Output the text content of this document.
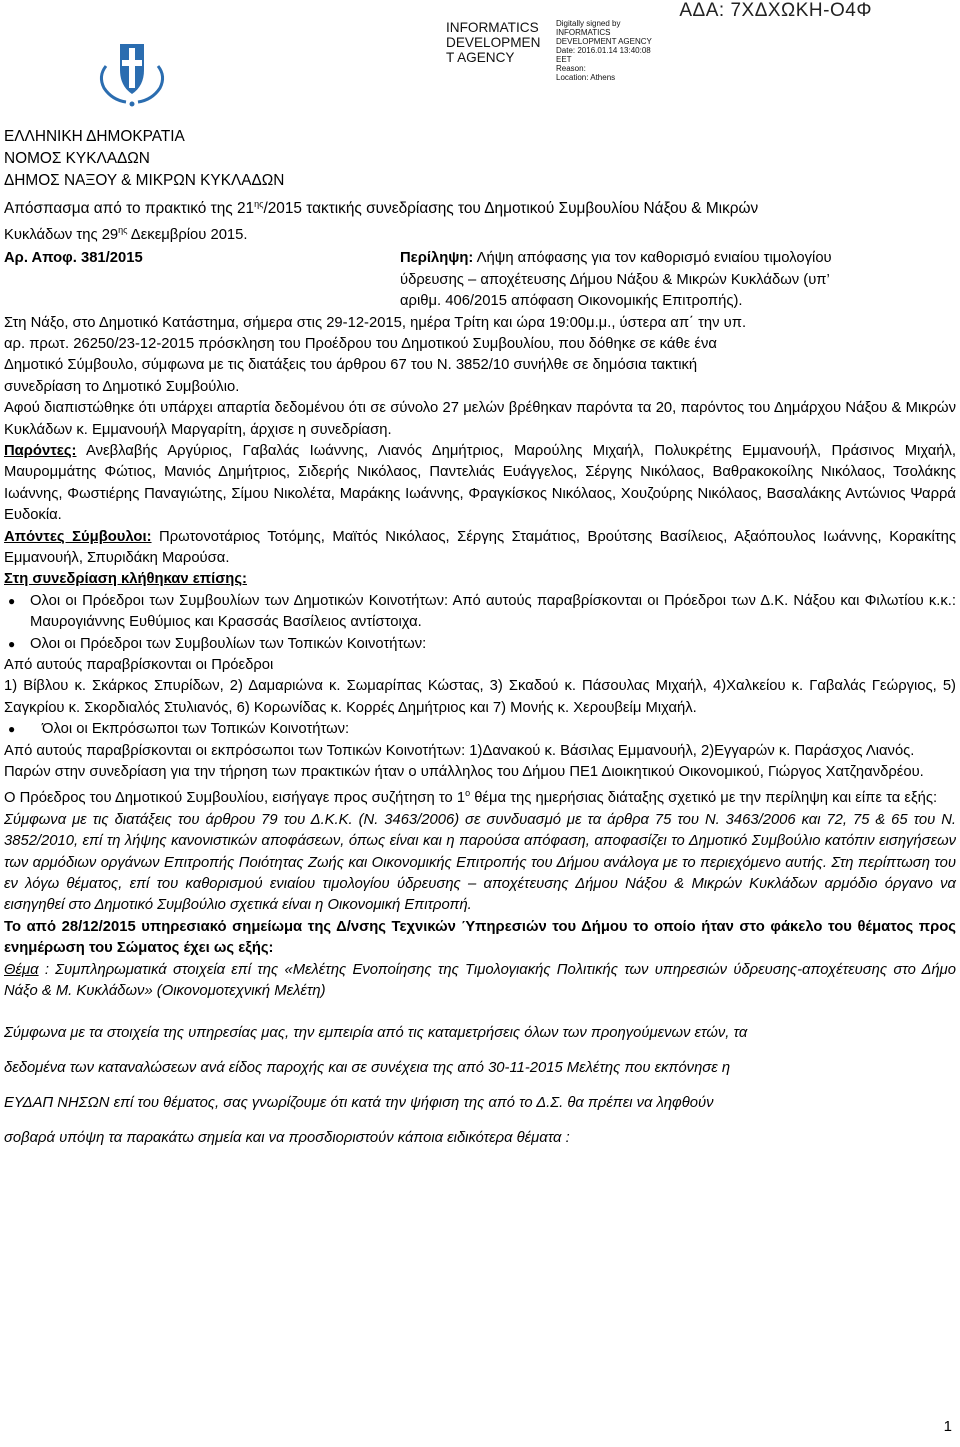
ΑΔΑ: 7ΧΔΧΩΚΗ-Ο4Φ
INFORMATICS
DEVELOPMEN
T AGENCY
Digitally signed by
INFORMATICS
DEVELOPMENT AGENCY
Date: 2016.01.14 13:40:08
EET
Reason:
Location: Athens
ΕΛΛΗΝΙΚΗ ΔΗΜΟΚΡΑΤΙΑ
ΝΟΜΟΣ ΚΥΚΛΑΔΩΝ
ΔΗΜΟΣ ΝΑΞΟΥ & ΜΙΚΡΩΝ ΚΥΚΛΑΔΩΝ
Απόσπασμα από το πρακτικό της $21^{\eta\varsigma}/2015$ τακτικής συνεδρίασης του Δημοτικού Συμβουλίου Νάξου & Μικρών

Κυκλάδων της $29^{\eta\varsigma}$ Δεκεμβρίου 2015.

Αρ. Αποφ. 381/2015	Περίληψη: Λήψη απόφασης για τον καθορισμό ενιαίου τιμολογίου

ύδρευσης – αποχέτευσης Δήμου Νάξου & Μικρών Κυκλάδων (υπ’

αριθμ. 406/2015 απόφαση Οικονομικής Επιτροπής).

Στη Νάξο, στο Δημοτικό Κατάστημα, σήμερα στις 29-12-2015, ημέρα Τρίτη και ώρα 19:00μ.μ., ύστερα απ΄ την υπ.

αρ. πρωτ. 26250/23-12-2015 πρόσκληση του Προέδρου του Δημοτικού Συμβουλίου, που δόθηκε σε κάθε ένα

Δημοτικό Σύμβουλο, σύμφωνα με τις διατάξεις του άρθρου 67 του Ν. 3852/10 συνήλθε σε δημόσια τακτική

συνεδρίαση το Δημοτικό Συμβούλιο.

Αφού διαπιστώθηκε ότι υπάρχει απαρτία δεδομένου ότι σε σύνολο 27 μελών βρέθηκαν παρόντα τα 20, παρόντος του Δημάρχου Νάξου & Μικρών Κυκλάδων κ. Εμμανουήλ Μαργαρίτη, άρχισε η συνεδρίαση.

Παρόντες: Ανεβλαβής Αργύριος, Γαβαλάς Ιωάννης, Λιανός Δημήτριος, Μαρούλης Μιχαήλ, Πολυκρέτης Εμμανουήλ, Πράσινος Μιχαήλ, Μαυρομμάτης Φώτιος, Μανιός Δημήτριος, Σιδερής Νικόλαος, Παντελιάς Ευάγγελος, Σέργης Νικόλαος, Βαθρακοκοίλης Νικόλαος, Τσολάκης Ιωάννης, Φωστιέρης Παναγιώτης, Σίμου Νικολέτα, Μαράκης Ιωάννης, Φραγκίσκος Νικόλαος, Χουζούρης Νικόλαος, Βασαλάκης Αντώνιος Ψαρρά Ευδοκία.

Απόντες Σύμβουλοι: Πρωτονοτάριος Τοτόμης, Μαϊτός Νικόλαος, Σέργης Σταμάτιος, Βρούτσης Βασίλειος, Αξαόπουλος Ιωάννης, Κορακίτης Εμμανουήλ, Σπυριδάκη Μαρούσα.

Στη συνεδρίαση κλήθηκαν επίσης:

● Ολοι οι Πρόεδροι των Συμβουλίων των Δημοτικών Κοινοτήτων: Από αυτούς παραβρίσκονται οι Πρόεδροι των Δ.Κ. Νάξου και Φιλωτίου κ.κ.: Μαυρογιάννης Ευθύμιος και Κρασσάς Βασίλειος αντίστοιχα.
● Ολοι οι Πρόεδροι των Συμβουλίων των Τοπικών Κοινοτήτων:

Από αυτούς παραβρίσκονται οι Πρόεδροι

1) Βίβλου κ. Σκάρκος Σπυρίδων, 2) Δαμαριώνα κ. Σωμαρίπας Κώστας, 3) Σκαδού κ. Πάσουλας Μιχαήλ, 4)Χαλκείου κ. Γαβαλάς Γεώργιος, 5) Σαγκρίου κ. Σκορδιαλός Στυλιανός, 6) Κορωνίδας κ. Κορρές Δημήτριος και 7) Μονής κ. Χερουβείμ Μιχαήλ.

●	Όλοι οι Εκπρόσωποι των Τοπικών Κοινοτήτων:

Από αυτούς παραβρίσκονται οι εκπρόσωποι των Τοπικών Κοινοτήτων: 1)Δανακού κ. Βάσιλας Εμμανουήλ, 2)Εγγαρών κ. Παράσχος Λιανός.

Παρών στην συνεδρίαση για την τήρηση των πρακτικών ήταν ο υπάλληλος του Δήμου ΠΕ1 Διοικητικού Οικονομικού, Γιώργος Χατζηανδρέου.

Ο Πρόεδρος του Δημοτικού Συμβουλίου, εισήγαγε προς συζήτηση το $1^o$ θέμα της ημερήσιας διάταξης σχετικό με την περίληψη και είπε τα εξής:

Σύμφωνα με τις διατάξεις του άρθρου 79 του Δ.Κ.Κ. (Ν. 3463/2006) σε συνδυασμό με τα άρθρα 75 του Ν. 3463/2006 και 72, 75 & 65 του Ν. 3852/2010, επί τη λήψης κανονιστικών αποφάσεων, όπως είναι και η παρούσα απόφαση, αποφασίζει το Δημοτικό Συμβούλιο κατόπιν εισηγήσεων των αρμόδιων οργάνων Επιτροπής Ποιότητας Ζωής και Οικονομικής Επιτροπής του Δήμου ανάλογα με το περιεχόμενο αυτής. Στη περίπτωση του εν λόγω θέματος, επί του καθορισμού ενιαίου τιμολογίου ύδρευσης – αποχέτευσης Δήμου Νάξου & Μικρών Κυκλάδων αρμόδιο όργανο να εισηγηθεί στο Δημοτικό Συμβούλιο σχετικά είναι η Οικονομική Επιτροπή.

Το από 28/12/2015 υπηρεσιακό σημείωμα της Δ/νσης Τεχνικών Ύπηρεσιών του Δήμου το οποίο ήταν στο φάκελο του θέματος προς ενημέρωση του Σώματος έχει ως εξής:

Θέμα : Συμπληρωματικά στοιχεία επί της «Μελέτης Ενοποίησης της Τιμολογιακής Πολιτικής των υπηρεσιών ύδρευσης-αποχέτευσης στο Δήμο Νάξο & Μ. Κυκλάδων» (Οικονομοτεχνική Μελέτη)

Σύμφωνα με τα στοιχεία της υπηρεσίας μας, την εμπειρία από τις καταμετρήσεις όλων των προηγούμενων ετών, τα

δεδομένα των καταναλώσεων ανά είδος παροχής και σε συνέχεια της από 30-11-2015 Μελέτης που εκπόνησε η

ΕΥΔΑΠ ΝΗΣΩΝ επί του θέματος, σας γνωρίζουμε ότι κατά την ψήφιση της από το Δ.Σ. θα πρέπει να ληφθούν

σοβαρά υπόψη τα παρακάτω σημεία και να προσδιοριστούν κάποια ειδικότερα θέματα :

1
